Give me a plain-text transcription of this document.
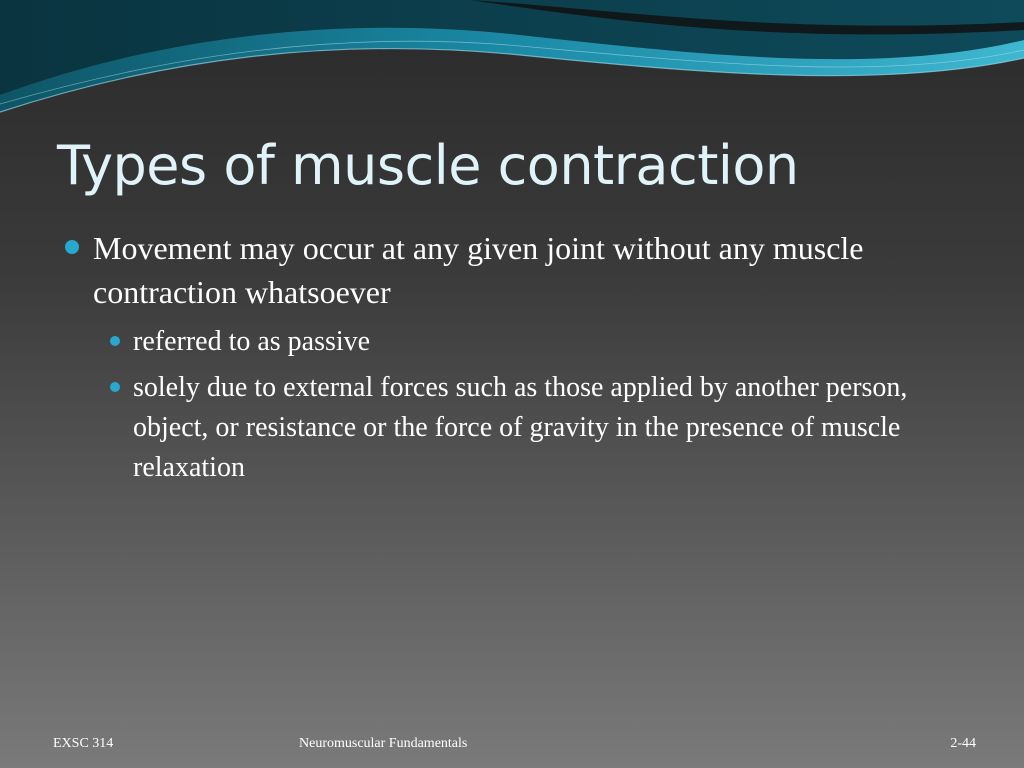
Types of muscle contraction
Movement may occur at any given joint without any muscle contraction whatsoever
referred to as passive
solely due to external forces such as those applied by another person, object, or resistance or the force of gravity in the presence of muscle relaxation
EXSC 314	Neuromuscular Fundamentals	2-44
